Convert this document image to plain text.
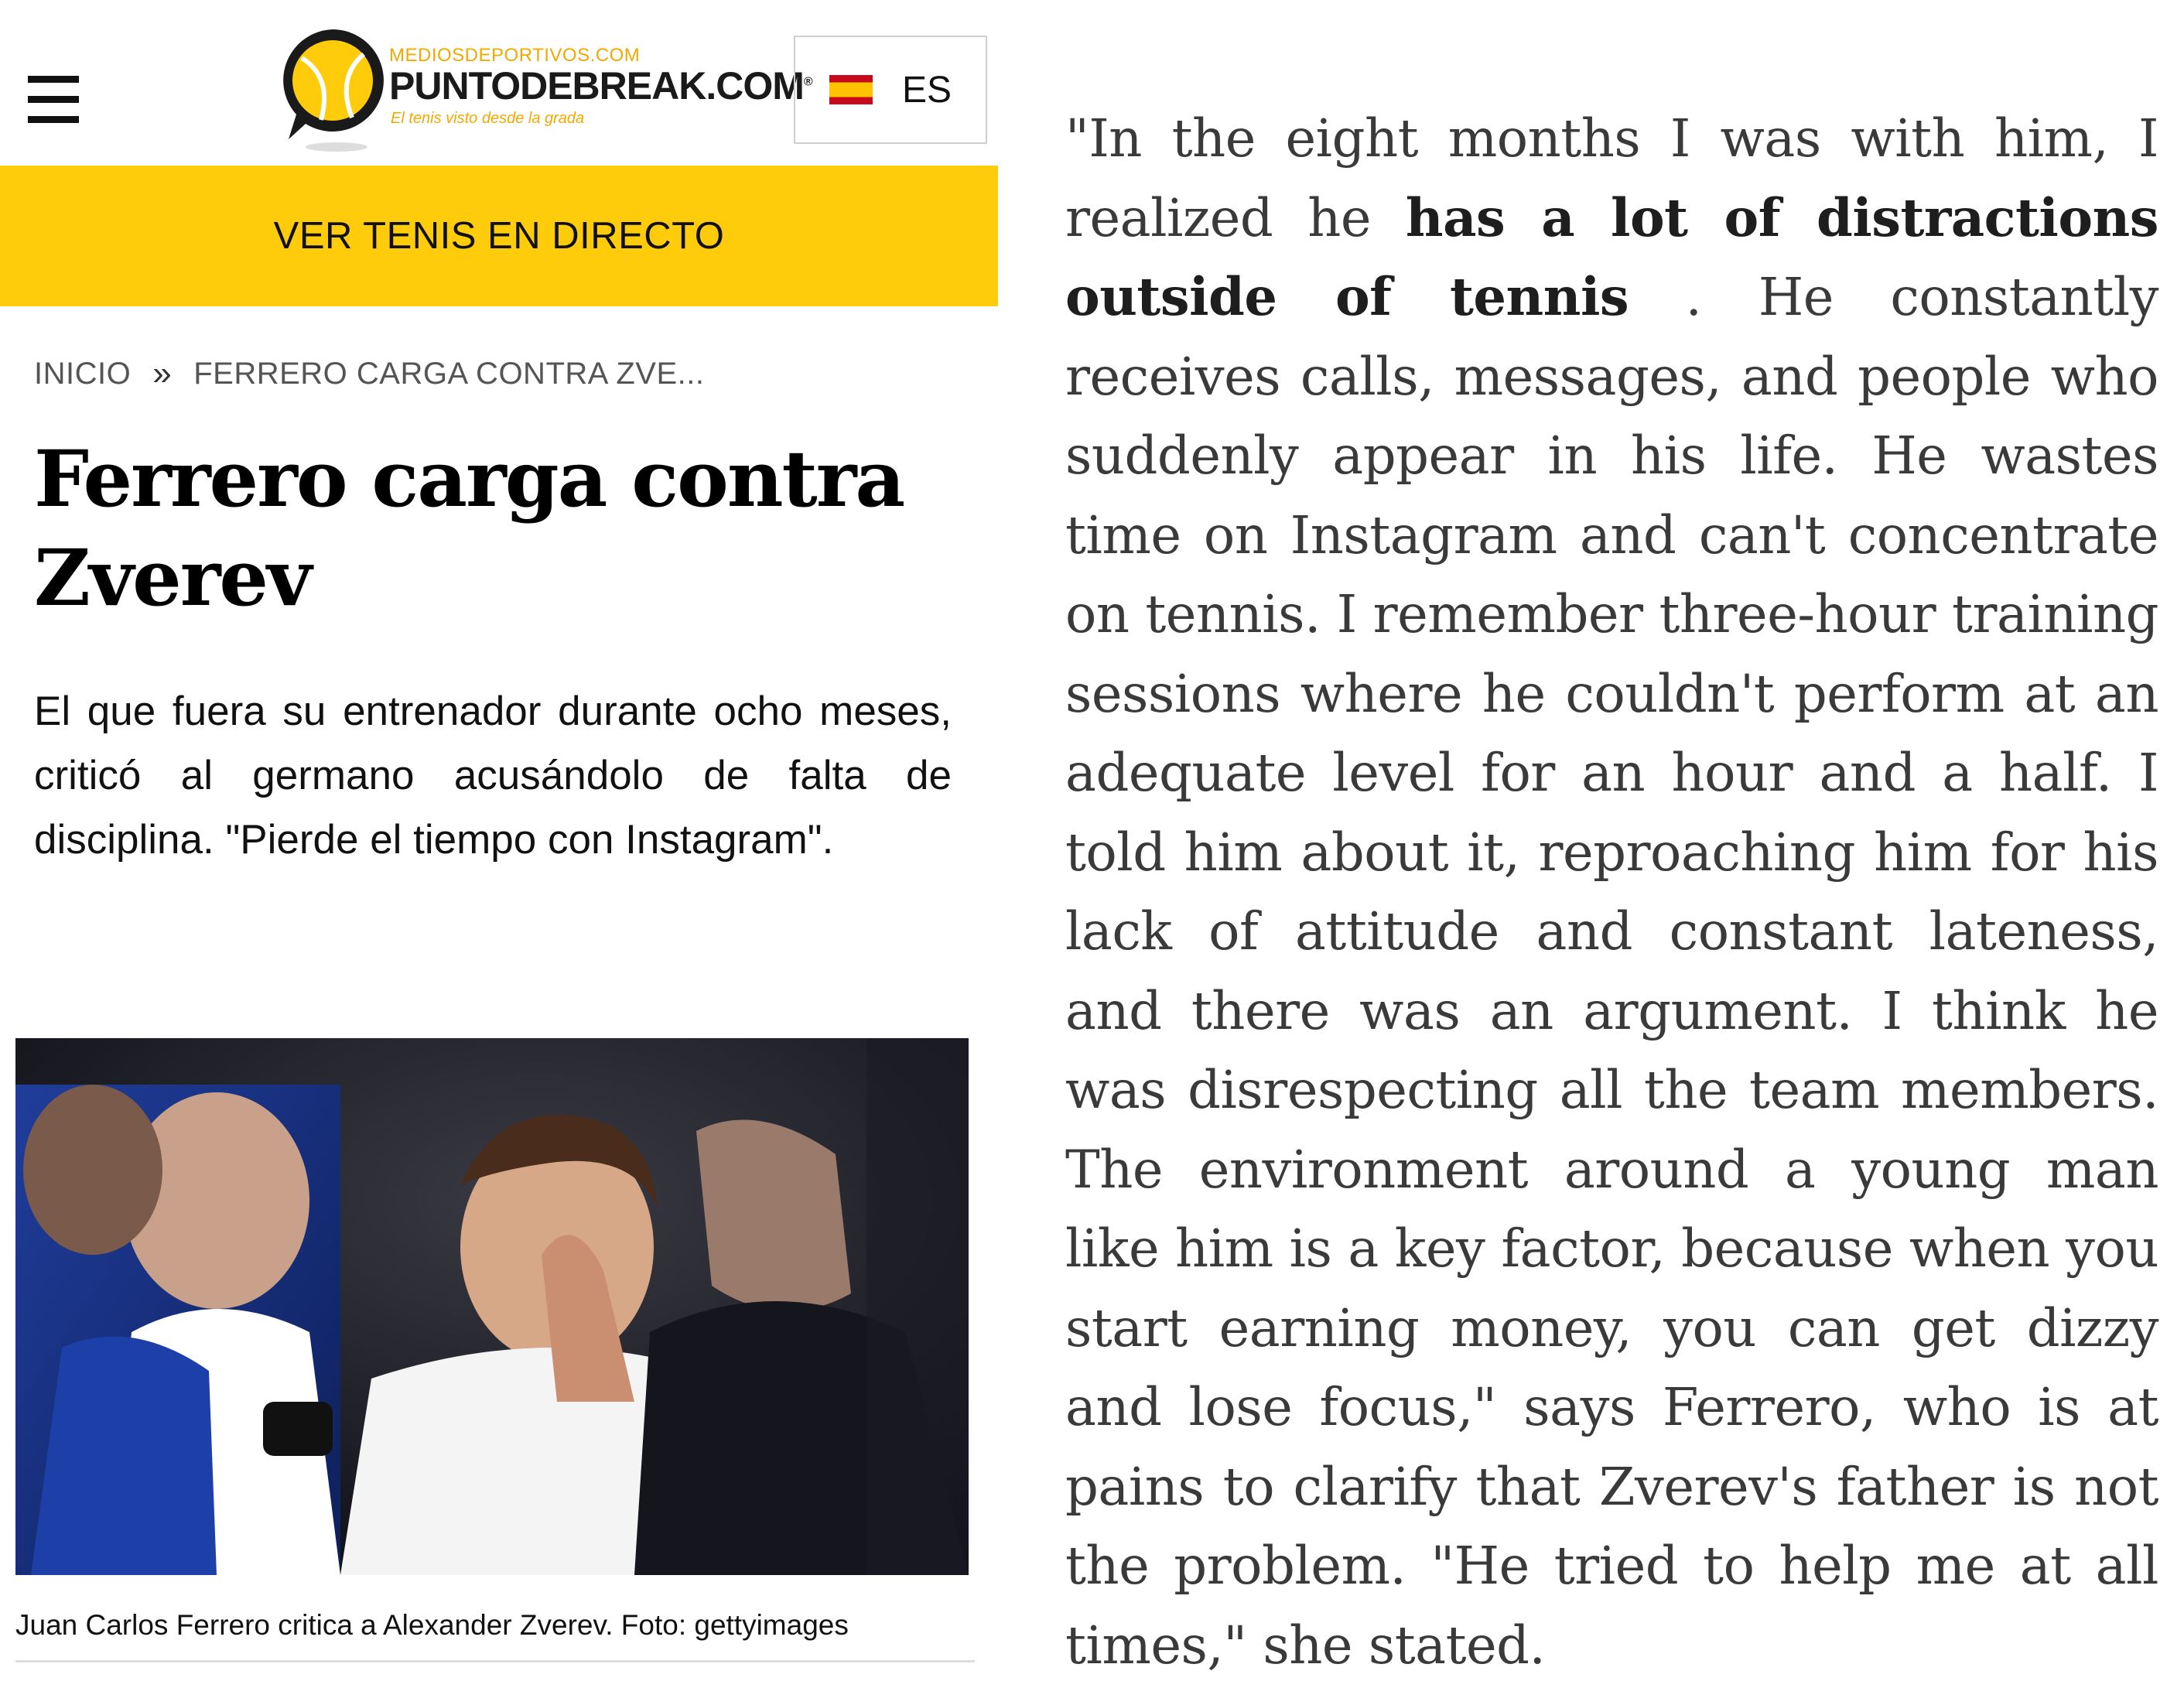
MEDIOSDEPORTIVOS.COM
PUNTODEBREAK.COM®
El tenis visto desde la grada
ES
VER TENIS EN DIRECTO
INICIO » FERRERO CARGA CONTRA ZVE...
Ferrero carga contra Zverev

El que fuera su entrenador durante ocho meses, criticó al germano acusándolo de falta de disciplina. "Pierde el tiempo con Instagram".

Juan Carlos Ferrero critica a Alexander Zverev. Foto: gettyimages

"In the eight months I was with him, I realized he has a lot of distractions outside of tennis . He constantly receives calls, messages, and people who suddenly appear in his life. He wastes time on Instagram and can't concentrate on tennis. I remember three-hour training sessions where he couldn't perform at an adequate level for an hour and a half. I told him about it, reproaching him for his lack of attitude and constant lateness, and there was an argument. I think he was disrespecting all the team members. The environment around a young man like him is a key factor, because when you start earning money, you can get dizzy and lose focus," says Ferrero, who is at pains to clarify that Zverev's father is not the problem. "He tried to help me at all times," she stated.
